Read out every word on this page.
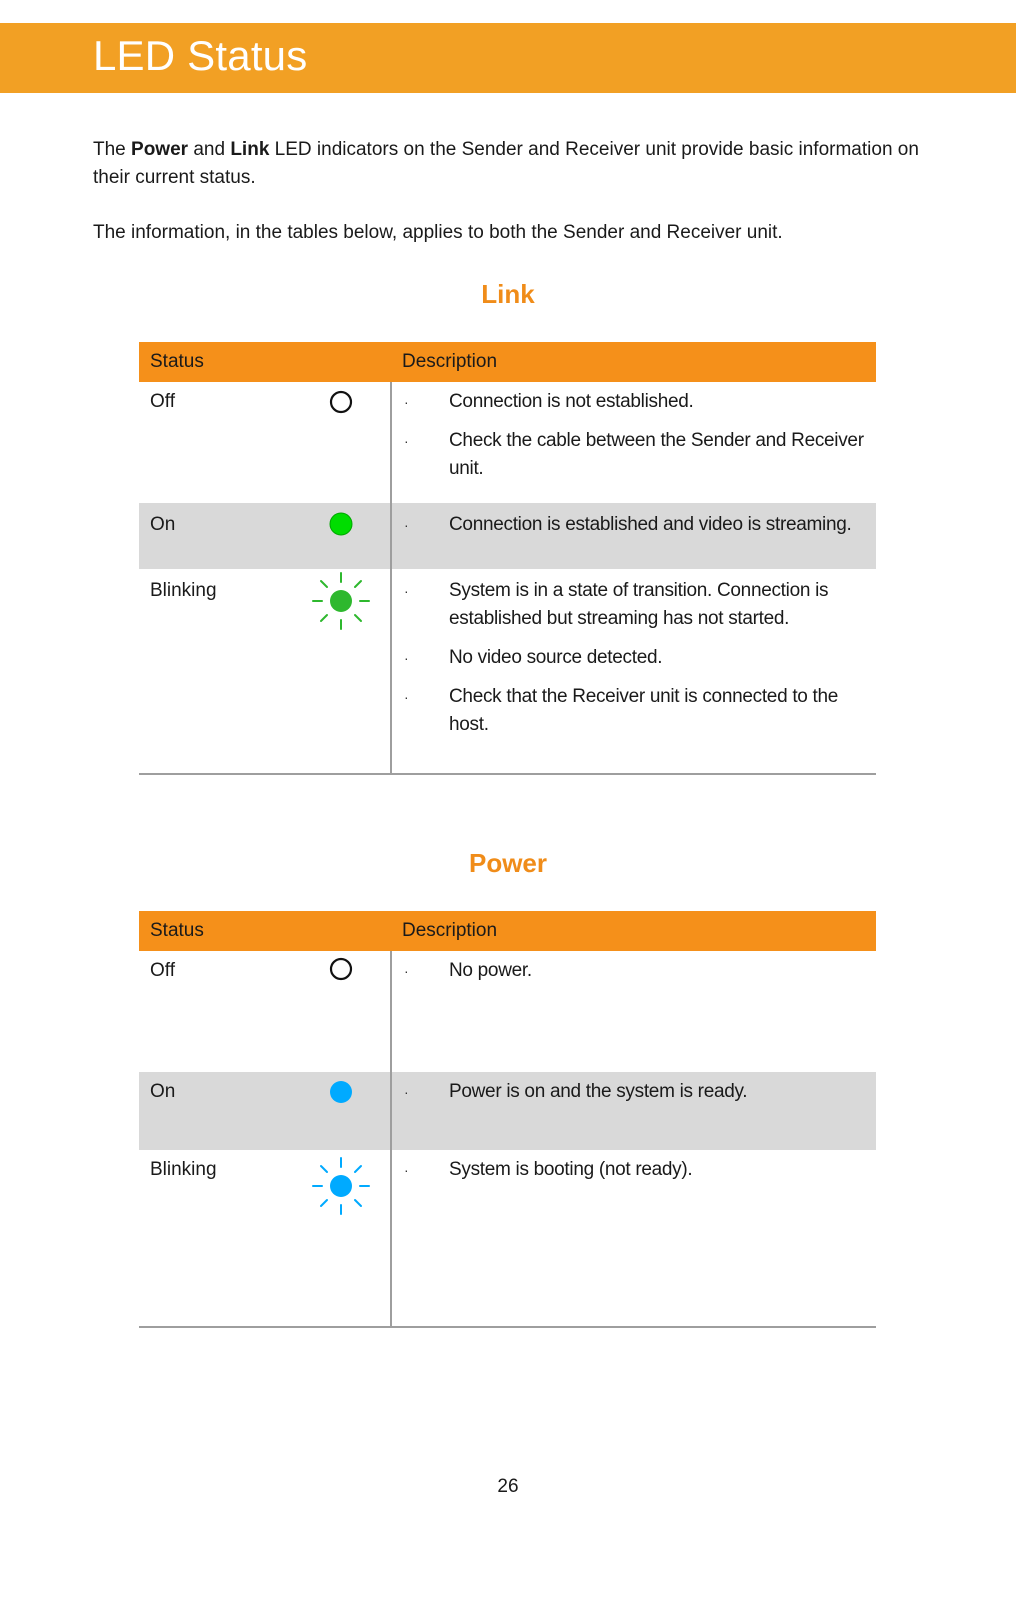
LED Status
The Power and Link LED indicators on the Sender and Receiver unit provide basic information on their current status.
The information, in the tables below, applies to both the Sender and Receiver unit.
Link
Status	Description
Off	· Connection is not established.
· Check the cable between the Sender and Receiver unit.
On	· Connection is established and video is streaming.
Blinking	· System is in a state of transition. Connection is established but streaming has not started.
· No video source detected.
· Check that the Receiver unit is connected to the host.
Power
Status	Description
Off	· No power.
On	· Power is on and the system is ready.
Blinking	· System is booting (not ready).
26
